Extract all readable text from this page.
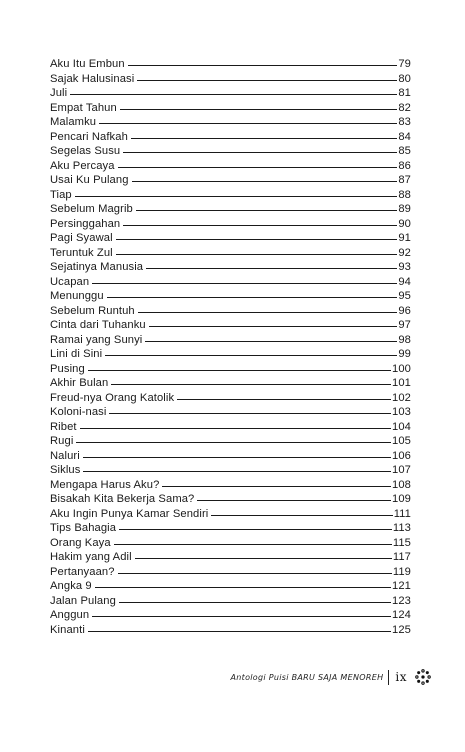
Aku Itu Embun	79
Sajak Halusinasi	80
Juli	81
Empat Tahun	82
Malamku	83
Pencari Nafkah	84
Segelas Susu	85
Aku Percaya	86
Usai Ku Pulang	87
Tiap	88
Sebelum Magrib	89
Persinggahan	90
Pagi Syawal	91
Teruntuk Zul	92
Sejatinya Manusia	93
Ucapan	94
Menunggu	95
Sebelum Runtuh	96
Cinta dari Tuhanku	97
Ramai yang Sunyi	98
Lini di Sini	99
Pusing	100
Akhir Bulan	101
Freud-nya Orang Katolik	102
Koloni-nasi	103
Ribet	104
Rugi	105
Naluri	106
Siklus	107
Mengapa Harus Aku?	108
Bisakah Kita Bekerja Sama?	109
Aku Ingin Punya Kamar Sendiri	111
Tips Bahagia	113
Orang Kaya	115
Hakim yang Adil	117
Pertanyaan?	119
Angka 9	121
Jalan Pulang	123
Anggun	124
Kinanti	125
Antologi Puisi BARU SAJA MENOREH ix
